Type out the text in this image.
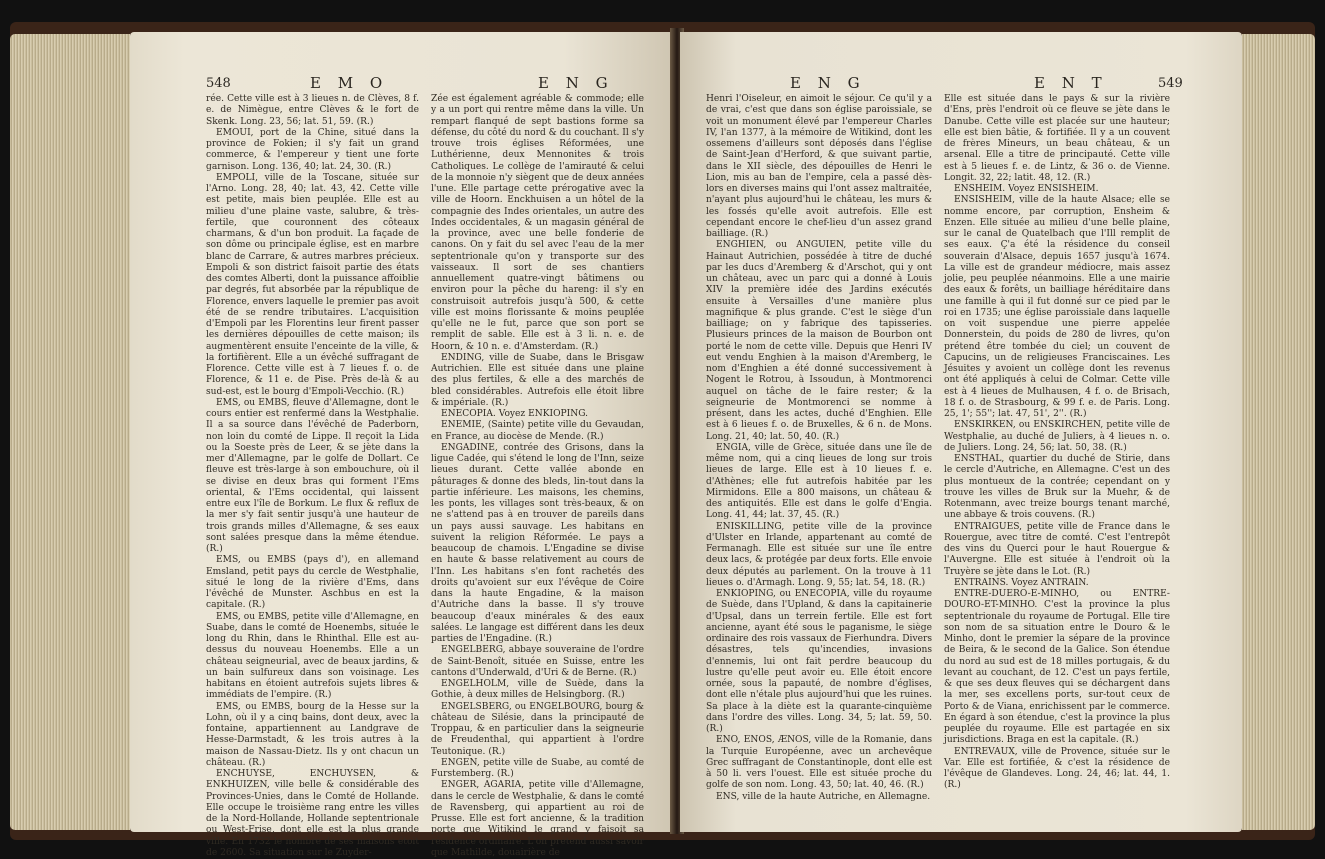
548	E M O	E N G

rée. Cette ville est à 3 lieues n. de Clèves, 8 f. e. de Nimègue, entre Clèves & le fort de Skenk. Long. 23, 56; lat. 51, 59. (R.)

EMOUI, port de la Chine, situé dans la province de Fokien; il s'y fait un grand commerce, & l'empereur y tient une forte garnison. Long. 136, 40; lat. 24, 30. (R.)

EMPOLI, ville de la Toscane, située sur l'Arno. Long. 28, 40; lat. 43, 42. Cette ville est petite, mais bien peuplée. Elle est au milieu d'une plaine vaste, salubre, & très-fertile, que couronnent des côteaux charmans, & d'un bon produit. La façade de son dôme ou principale église, est en marbre blanc de Carrare, & autres marbres précieux. Empoli & son district faisoit partie des états des comtes Alberti, dont la puissance affoiblie par degrés, fut absorbée par la république de Florence, envers laquelle le premier pas avoit été de se rendre tributaires. L'acquisition d'Empoli par les Florentins leur firent passer les dernières dépouilles de cette maison; ils augmentèrent ensuite l'enceinte de la ville, & la fortifièrent. Elle a un évêché suffragant de Florence. Cette ville est à 7 lieues f. o. de Florence, & 11 e. de Pise. Près de-là & au sud-est, est le bourg d'Empoli-Vecchio. (R.)

EMS, ou EMBS, fleuve d'Allemagne, dont le cours entier est renfermé dans la Westphalie. Il a sa source dans l'évêché de Paderborn, non loin du comté de Lippe. Il reçoit la Lida ou la Soeste près de Leer, & se jète dans la mer d'Allemagne, par le golfe de Dollart. Ce fleuve est très-large à son embouchure, où il se divise en deux bras qui forment l'Ems oriental, & l'Ems occidental, qui laissent entre eux l'île de Borkum. Le flux & reflux de la mer s'y fait sentir jusqu'à une hauteur de trois grands milles d'Allemagne, & ses eaux sont salées presque dans la même étendue. (R.)

EMS, ou EMBS (pays d'), en allemand Emsland, petit pays du cercle de Westphalie, situé le long de la rivière d'Ems, dans l'évêché de Munster. Aschbus en est la capitale. (R.)

EMS, ou EMBS, petite ville d'Allemagne, en Suabe, dans le comté de Hoenembs, située le long du Rhin, dans le Rhinthal. Elle est au-dessus du nouveau Hoenembs. Elle a un château seigneurial, avec de beaux jardins, & un bain sulfureux dans son voisinage. Les habitans en étoient autrefois sujets libres & immédiats de l'empire. (R.)

EMS, ou EMBS, bourg de la Hesse sur la Lohn, où il y a cinq bains, dont deux, avec la fontaine, appartiennent au Landgrave de Hesse-Darmstadt, & les trois autres à la maison de Nassau-Dietz. Ils y ont chacun un château. (R.)

ENCHUYSE, ENCHUYSEN, & ENKHUIZEN, ville belle & considérable des Provinces-Unies, dans le Comté de Hollande. Elle occupe le troisième rang entre les villes de la Nord-Hollande, Hollande septentrionale ou West-Frise, dont elle est la plus grande ville. En 1732 le nombre de ses maisons étoit de 2600. Sa situation sur le Zuyder-

Zée est également agréable & commode; elle y a un port qui rentre même dans la ville. Un rempart flanqué de sept bastions forme sa défense, du côté du nord & du couchant. Il s'y trouve trois églises Réformées, une Luthérienne, deux Mennonites & trois Catholiques. Le collège de l'amirauté & celui de la monnoie n'y siègent que de deux années l'une. Elle partage cette prérogative avec la ville de Hoorn. Enckhuisen a un hôtel de la compagnie des Indes orientales, un autre des Indes occidentales, & un magasin général de la province, avec une belle fonderie de canons. On y fait du sel avec l'eau de la mer septentrionale qu'on y transporte sur des vaisseaux. Il sort de ses chantiers annuellement quatre-vingt bâtimens ou environ pour la pêche du hareng: il s'y en construisoit autrefois jusqu'à 500, & cette ville est moins florissante & moins peuplée qu'elle ne le fut, parce que son port se remplit de sable. Elle est à 3 li. n. e. de Hoorn, & 10 n. e. d'Amsterdam. (R.)

ENDING, ville de Suabe, dans le Brisgaw Autrichien. Elle est située dans une plaine des plus fertiles, & elle a des marchés de bled considérables. Autrefois elle étoit libre & impériale. (R.)

ENECOPIA. Voyez ENKIOPING.

ENEMIE, (Sainte) petite ville du Gevaudan, en France, au diocèse de Mende. (R.)

ENGADINE, contrée des Grisons, dans la ligue Cadée, qui s'étend le long de l'Inn, seize lieues durant. Cette vallée abonde en pâturages & donne des bleds, lin-tout dans la partie inférieure. Les maisons, les chemins, les ponts, les villages sont très-beaux, & on ne s'attend pas à en trouver de pareils dans un pays aussi sauvage. Les habitans en suivent la religion Réformée. Le pays a beaucoup de chamois. L'Engadine se divise en haute & basse relativement au cours de l'Inn. Les habitans s'en font rachetés des droits qu'avoient sur eux l'évêque de Coire dans la haute Engadine, & la maison d'Autriche dans la basse. Il s'y trouve beaucoup d'eaux minérales & des eaux salées. Le langage est différent dans les deux parties de l'Engadine. (R.)

ENGELBERG, abbaye souveraine de l'ordre de Saint-Benoît, située en Suisse, entre les cantons d'Underwald, d'Uri & de Berne. (R.)

ENGELHOLM, ville de Suède, dans la Gothie, à deux milles de Helsingborg. (R.)

ENGELSBERG, ou ENGELBOURG, bourg & château de Silésie, dans la principauté de Troppau, & en particulier dans la seigneurie de Freudenthal, qui appartient à l'ordre Teutonique. (R.)

ENGEN, petite ville de Suabe, au comté de Furstemberg. (R.)

ENGER, AGARIA, petite ville d'Allemagne, dans le cercle de Westphalie, & dans le comté de Ravensberg, qui appartient au roi de Prusse. Elle est fort ancienne, & la tradition porte que Witikind le grand y faisoit sa résidence ordinaire. L'on prétend aussi savoir que Mathilde, douairière de

E N G	E N T	549

Henri l'Oiseleur, en aimoit le séjour. Ce qu'il y a de vrai, c'est que dans son église paroissiale, se voit un monument élevé par l'empereur Charles IV, l'an 1377, à la mémoire de Witikind, dont les ossemens d'ailleurs sont déposés dans l'église de Saint-Jean d'Herford, & que suivant partie, dans le XII siècle, des dépouilles de Henri le Lion, mis au ban de l'empire, cela a passé dès-lors en diverses mains qui l'ont assez maltraitée, n'ayant plus aujourd'hui le château, les murs & les fossés qu'elle avoit autrefois. Elle est cependant encore le chef-lieu d'un assez grand bailliage. (R.)

ENGHIEN, ou ANGUIEN, petite ville du Hainaut Autrichien, possédée à titre de duché par les ducs d'Aremberg & d'Arschot, qui y ont un château, avec un parc qui a donné à Louis XIV la première idée des Jardins exécutés ensuite à Versailles d'une manière plus magnifique & plus grande. C'est le siège d'un bailliage; on y fabrique des tapisseries. Plusieurs princes de la maison de Bourbon ont porté le nom de cette ville. Depuis que Henri IV eut vendu Enghien à la maison d'Aremberg, le nom d'Enghien a été donné successivement à Nogent le Rotrou, à Issoudun, à Montmorenci auquel on tâche de le faire rester; & la seigneurie de Montmorenci se nomme à présent, dans les actes, duché d'Enghien. Elle est à 6 lieues f. o. de Bruxelles, & 6 n. de Mons. Long. 21, 40; lat. 50, 40. (R.)

ENGIA, ville de Grèce, située dans une île de même nom, qui a cinq lieues de long sur trois lieues de large. Elle est à 10 lieues f. e. d'Athènes; elle fut autrefois habitée par les Mirmidons. Elle a 800 maisons, un château & des antiquités. Elle est dans le golfe d'Engia. Long. 41, 44; lat. 37, 45. (R.)

ENISKILLING, petite ville de la province d'Ulster en Irlande, appartenant au comté de Fermanagh. Elle est située sur une île entre deux lacs, & protégée par deux forts. Elle envoie deux députés au parlement. On la trouve à 11 lieues o. d'Armagh. Long. 9, 55; lat. 54, 18. (R.)

ENKIOPING, ou ENECOPIA, ville du royaume de Suède, dans l'Upland, & dans la capitainerie d'Upsal, dans un terrein fertile. Elle est fort ancienne, ayant été sous le paganisme, le siège ordinaire des rois vassaux de Fierhundra. Divers désastres, tels qu'incendies, invasions d'ennemis, lui ont fait perdre beaucoup du lustre qu'elle peut avoir eu. Elle étoit encore ornée, sous la papauté, de nombre d'églises, dont elle n'étale plus aujourd'hui que les ruines. Sa place à la diète est la quarante-cinquième dans l'ordre des villes. Long. 34, 5; lat. 59, 50. (R.)

ENO, ENOS, ÆNOS, ville de la Romanie, dans la Turquie Européenne, avec un archevêque Grec suffragant de Constantinople, dont elle est à 50 li. vers l'ouest. Elle est située proche du golfe de son nom. Long. 43, 50; lat. 40, 46. (R.)

ENS, ville de la haute Autriche, en Allemagne.

Elle est située dans le pays & sur la rivière d'Ens, près l'endroit où ce fleuve se jète dans le Danube. Cette ville est placée sur une hauteur; elle est bien bâtie, & fortifiée. Il y a un couvent de frères Mineurs, un beau château, & un arsenal. Elle a titre de principauté. Cette ville est à 5 lieues f. e. de Lintz, & 36 o. de Vienne. Longit. 32, 22; latit. 48, 12. (R.)

ENSHEIM. Voyez ENSISHEIM.

ENSISHEIM, ville de la haute Alsace; elle se nomme encore, par corruption, Ensheim & Enzen. Elle située au milieu d'une belle plaine, sur le canal de Quatelbach que l'Ill remplit de ses eaux. Ç'a été la résidence du conseil souverain d'Alsace, depuis 1657 jusqu'à 1674. La ville est de grandeur médiocre, mais assez jolie, peu peuplée néanmoins. Elle a une mairie des eaux & forêts, un bailliage héréditaire dans une famille à qui il fut donné sur ce pied par le roi en 1735; une église paroissiale dans laquelle on voit suspendue une pierre appelée Donnerstein, du poids de 280 de livres, qu'on prétend être tombée du ciel; un couvent de Capucins, un de religieuses Franciscaines. Les Jésuites y avoient un collège dont les revenus ont été appliqués à celui de Colmar. Cette ville est à 4 lieues de Mulhausen, 4 f. o. de Brisach, 18 f. o. de Strasbourg, & 99 f. e. de Paris. Long. 25, 1'; 55''; lat. 47, 51', 2''. (R.)

ENSKIRKEN, ou ENSKIRCHEN, petite ville de Westphalie, au duché de Juliers, à 4 lieues n. o. de Juliers. Long. 24, 56; lat. 50, 38. (R.)

ENSTHAL, quartier du duché de Stirie, dans le cercle d'Autriche, en Allemagne. C'est un des plus montueux de la contrée; cependant on y trouve les villes de Bruk sur la Muehr, & de Rotenmann, avec treize bourgs tenant marché, une abbaye & trois couvens. (R.)

ENTRAIGUES, petite ville de France dans le Rouergue, avec titre de comté. C'est l'entrepôt des vins du Querci pour le haut Rouergue & l'Auvergne. Elle est située à l'endroit où la Truyère se jète dans le Lot. (R.)

ENTRAINS. Voyez ANTRAIN.

ENTRE-DUERO-E-MINHO, ou ENTRE-DOURO-ET-MINHO. C'est la province la plus septentrionale du royaume de Portugal. Elle tire son nom de sa situation entre le Douro & le Minho, dont le premier la sépare de la province de Beira, & le second de la Galice. Son étendue du nord au sud est de 18 milles portugais, & du levant au couchant, de 12. C'est un pays fertile, & que ses deux fleuves qui se déchargent dans la mer, ses excellens ports, sur-tout ceux de Porto & de Viana, enrichissent par le commerce. En égard à son étendue, c'est la province la plus peuplée du royaume. Elle est partagée en six jurisdictions. Braga en est la capitale. (R.)

ENTREVAUX, ville de Provence, située sur le Var. Elle est fortifiée, & c'est la résidence de l'évêque de Glandeves. Long. 24, 46; lat. 44, 1. (R.)
